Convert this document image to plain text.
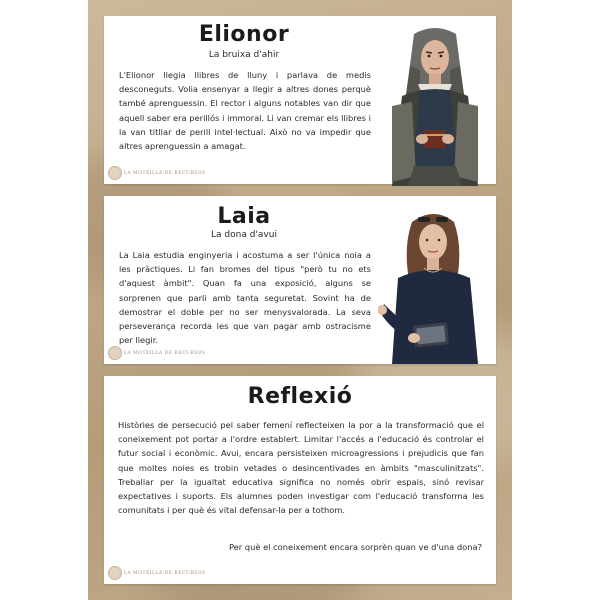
Elionor
La bruixa d'ahir

L'Elionor llegia llibres de lluny i parlava de medis desconeguts. Volia ensenyar a llegir a altres dones perquè també aprenguessin. El rector i alguns notables van dir que aquell saber era perillós i immoral. Li van cremar els llibres i la van titllar de perill intel·lectual. Això no va impedir que altres aprenguessin a amagat.

LA MOTXILLA DE RECURSOS
Laia
La dona d'avui

La Laia estudia enginyeria i acostuma a ser l'única noia a les pràctiques. Li fan bromes del tipus "però tu no ets d'aquest àmbit". Quan fa una exposició, alguns se sorprenen que parli amb tanta seguretat. Sovint ha de demostrar el doble per no ser menysvalorada. La seva perseverança recorda les que van pagar amb ostracisme per llegir.

LA MOTXILLA DE RECURSOS
Reflexió

Històries de persecució pel saber femení reflecteixen la por a la transformació que el coneixement pot portar a l'ordre establert. Limitar l'accés a l'educació és controlar el futur social i econòmic. Avui, encara persisteixen microagressions i prejudicis que fan que moltes noies es trobin vetades o desincentivades en àmbits "masculinitzats". Treballar per la igualtat educativa significa no només obrir espais, sinó revisar expectatives i suports. Els alumnes poden investigar com l'educació transforma les comunitats i per què és vital defensar-la per a tothom.

Per què el coneixement encara sorprèn quan ve d'una dona?

LA MOTXILLA DE RECURSOS
